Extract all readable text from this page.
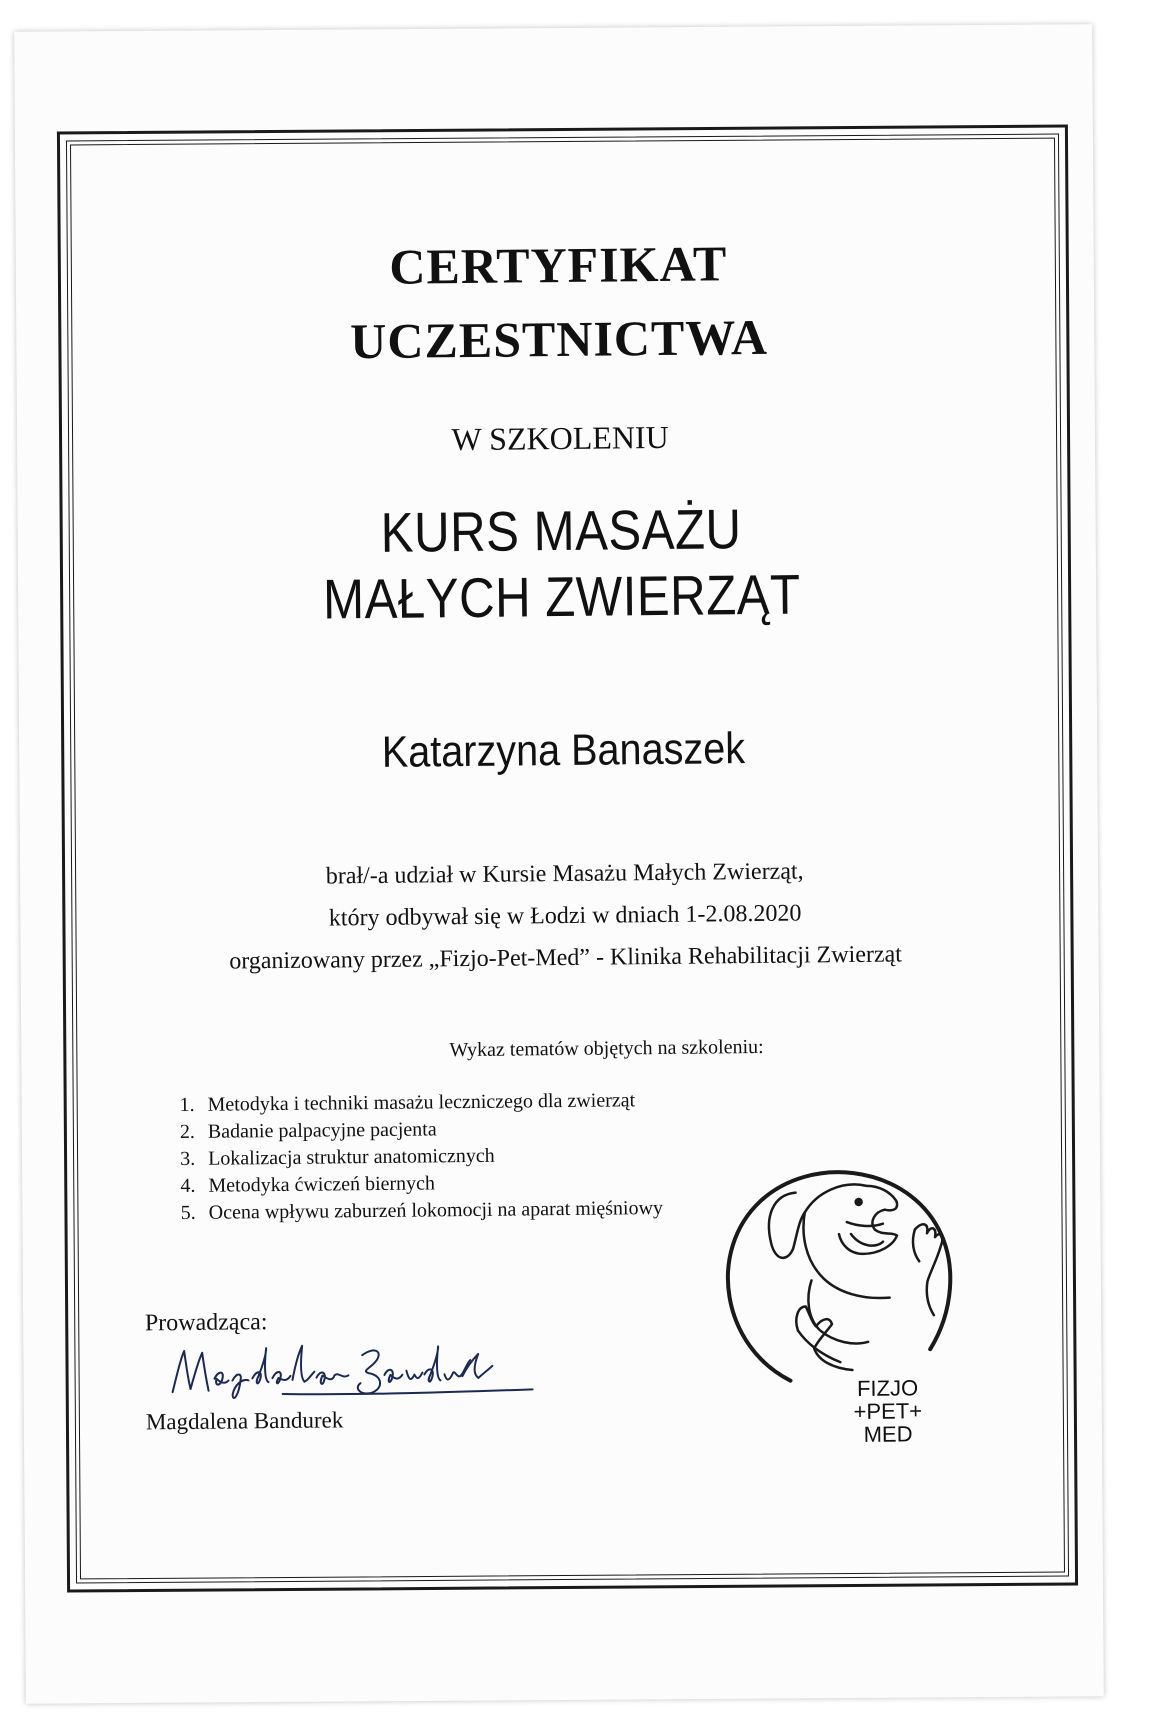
CERTYFIKAT
UCZESTNICTWA
W SZKOLENIU
KURS MASAŻU
MAŁYCH ZWIERZĄT
Katarzyna Banaszek
brał/-a udział w Kursie Masażu Małych Zwierząt,
który odbywał się w Łodzi w dniach 1-2.08.2020
organizowany przez „Fizjo-Pet-Med” - Klinika Rehabilitacji Zwierząt
Wykaz tematów objętych na szkoleniu:
1. Metodyka i techniki masażu leczniczego dla zwierząt
2. Badanie palpacyjne pacjenta
3. Lokalizacja struktur anatomicznych
4. Metodyka ćwiczeń biernych
5. Ocena wpływu zaburzeń lokomocji na aparat mięśniowy
Prowadząca:
Magdalena Bandurek
FIZJO
+PET+
MED
